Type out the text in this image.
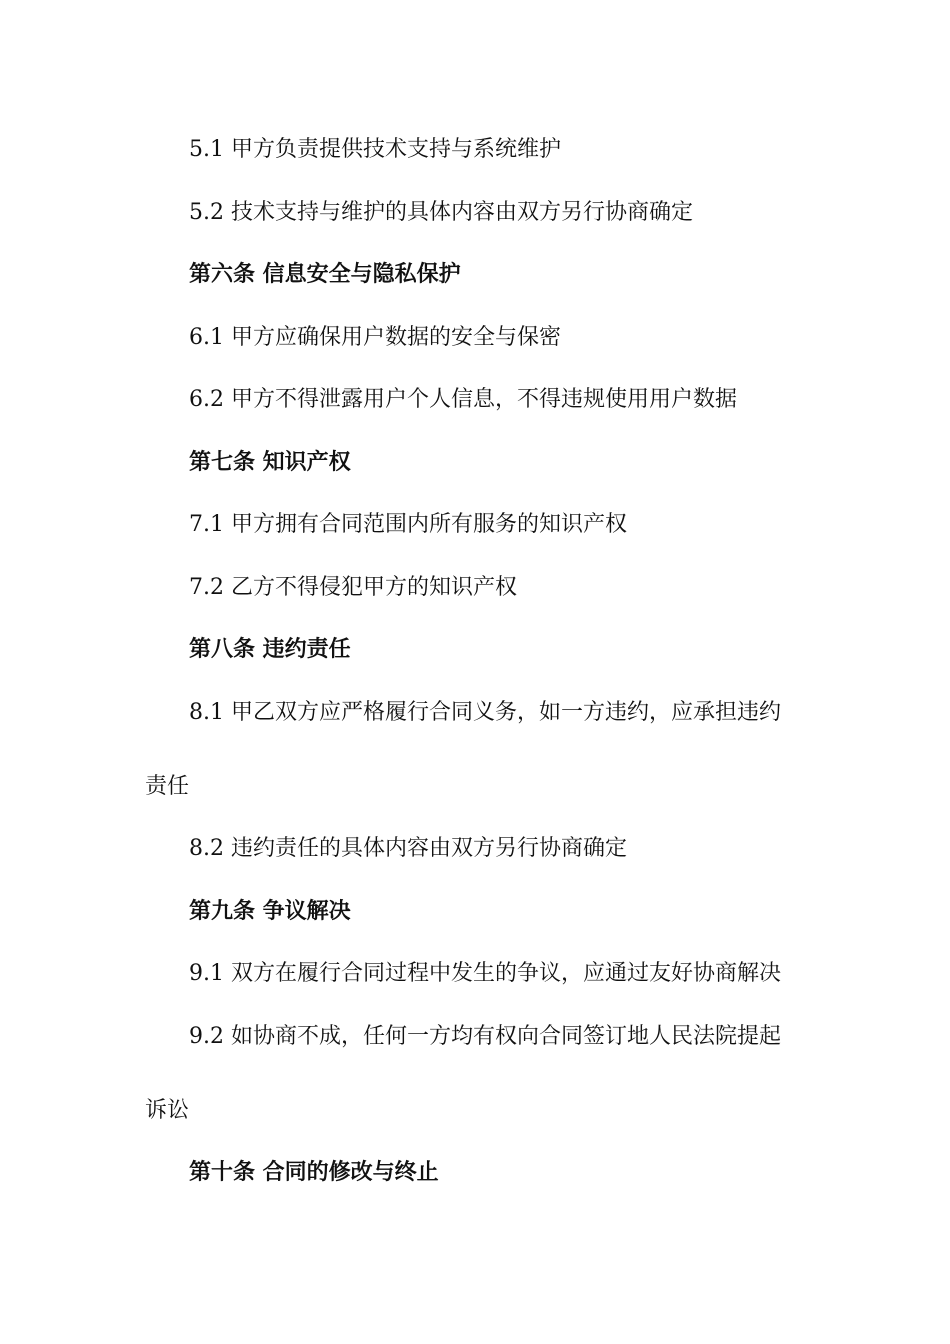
5.1 甲方负责提供技术支持与系统维护
5.2 技术支持与维护的具体内容由双方另行协商确定
第六条 信息安全与隐私保护
6.1 甲方应确保用户数据的安全与保密
6.2 甲方不得泄露用户个人信息，不得违规使用用户数据
第七条 知识产权
7.1 甲方拥有合同范围内所有服务的知识产权
7.2 乙方不得侵犯甲方的知识产权
第八条 违约责任
8.1 甲乙双方应严格履行合同义务，如一方违约，应承担违约
责任
8.2 违约责任的具体内容由双方另行协商确定
第九条 争议解决
9.1 双方在履行合同过程中发生的争议，应通过友好协商解决
9.2 如协商不成，任何一方均有权向合同签订地人民法院提起
诉讼
第十条 合同的修改与终止
